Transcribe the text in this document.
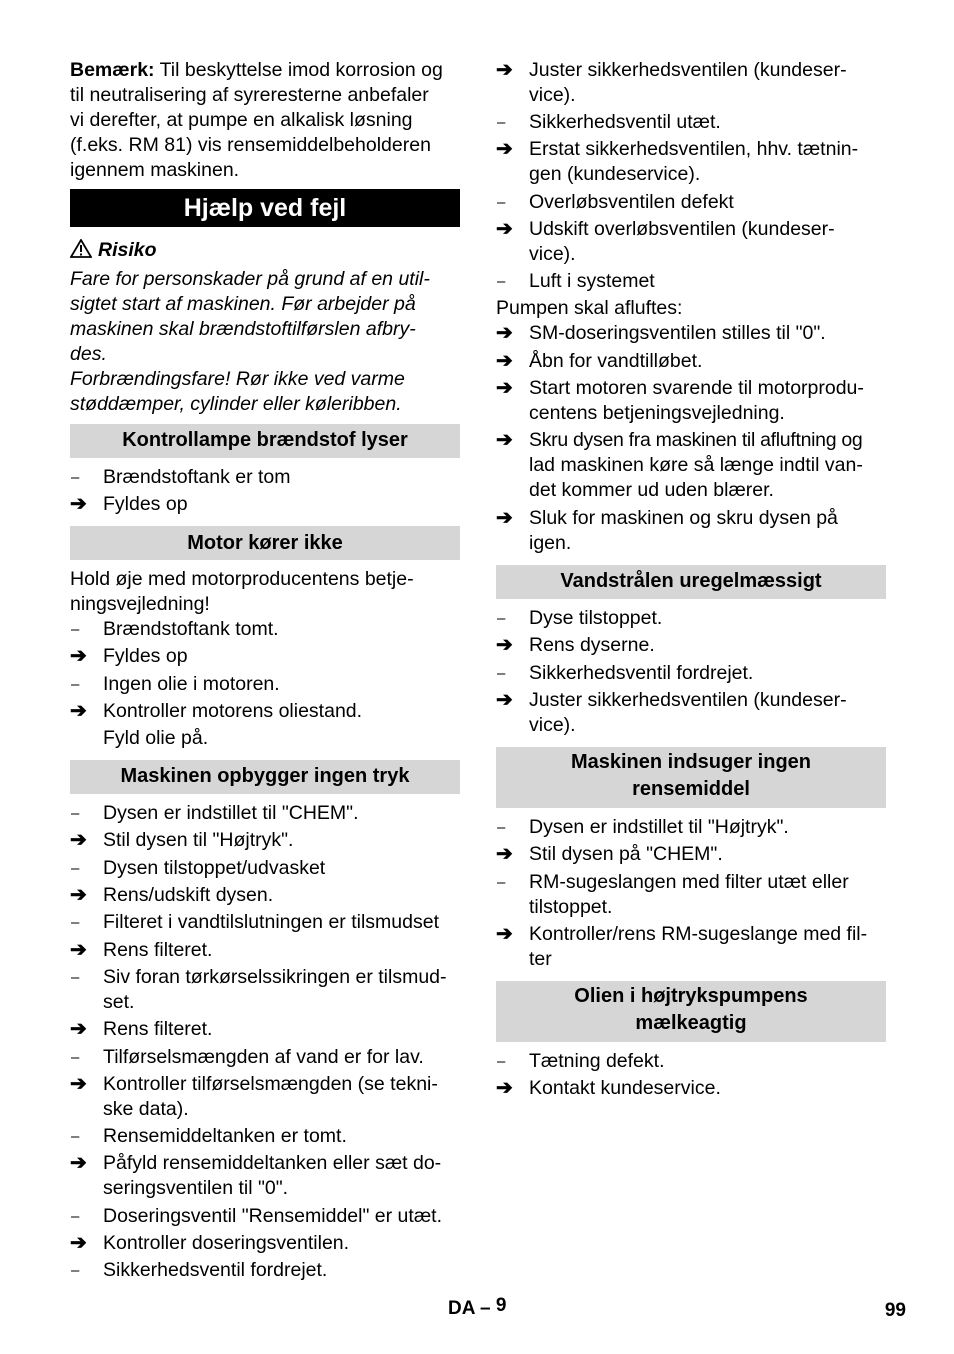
Bemærk: Til beskyttelse imod korrosion og
til neutralisering af syreresterne anbefaler
vi derefter, at pumpe en alkalisk løsning
(f.eks. RM 81) vis rensemiddelbeholderen
igennem maskinen.
Hjælp ved fejl
Risiko
Fare for personskader på grund af en util-
sigtet start af maskinen. Før arbejder på
maskinen skal brændstoftilførslen afbry-
des.
Forbrændingsfare! Rør ikke ved varme
støddæmper, cylinder eller køleribben.
Kontrollampe brændstof lyser
–	Brændstoftank er tom
➔ Fyldes op
Motor kører ikke
Hold øje med motorproducentens betje-
ningsvejledning!
–	Brændstoftank tomt.
➔ Fyldes op
–	Ingen olie i motoren.
➔ Kontroller motorens oliestand.
Fyld olie på.
Maskinen opbygger ingen tryk
–	Dysen er indstillet til "CHEM".
➔ Stil dysen til "Højtryk".
–	Dysen tilstoppet/udvasket
➔ Rens/udskift dysen.
–	Filteret i vandtilslutningen er tilsmudset
➔ Rens filteret.
–	Siv foran tørkørselssikringen er tilsmud-
set.
➔ Rens filteret.
–	Tilførselsmængden af vand er for lav.
➔ Kontroller tilførselsmængden (se tekni-
ske data).
–	Rensemiddeltanken er tomt.
➔ Påfyld rensemiddeltanken eller sæt do-
seringsventilen til "0".
–	Doseringsventil "Rensemiddel" er utæt.
➔ Kontroller doseringsventilen.
–	Sikkerhedsventil fordrejet.
➔ Juster sikkerhedsventilen (kundeser-
vice).
–	Sikkerhedsventil utæt.
➔ Erstat sikkerhedsventilen, hhv. tætnin-
gen (kundeservice).
–	Overløbsventilen defekt
➔ Udskift overløbsventilen (kundeser-
vice).
–	Luft i systemet
Pumpen skal afluftes:
➔ SM-doseringsventilen stilles til "0".
➔ Åbn for vandtilløbet.
➔ Start motoren svarende til motorprodu-
centens betjeningsvejledning.
➔ Skru dysen fra maskinen til afluftning og
lad maskinen køre så længe indtil van-
det kommer ud uden blærer.
➔ Sluk for maskinen og skru dysen på
igen.
Vandstrålen uregelmæssigt
–	Dyse tilstoppet.
➔ Rens dyserne.
–	Sikkerhedsventil fordrejet.
➔ Juster sikkerhedsventilen (kundeser-
vice).
Maskinen indsuger ingen
rensemiddel
–	Dysen er indstillet til "Højtryk".
➔ Stil dysen på "CHEM".
–	RM-sugeslangen med filter utæt eller
tilstoppet.
➔ Kontroller/rens RM-sugeslange med fil-
ter
Olien i højtrykspumpens
mælkeagtig
–	Tætning defekt.
➔ Kontakt kundeservice.
DA – 9	99
